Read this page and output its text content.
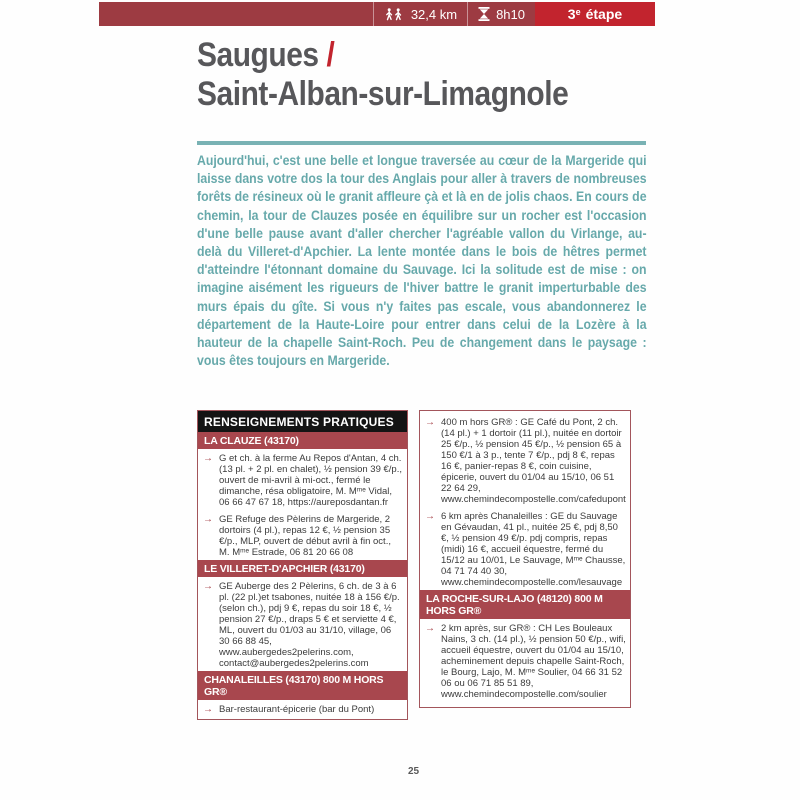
32,4 km	8h10	3 e étape
Saugues /
Saint-Alban-sur-Limagnole

Aujourd'hui, c'est une belle et longue traversée au cœur de la Margeride qui laisse dans votre dos la tour des Anglais pour aller à travers de nombreuses forêts de résineux où le granit affleure çà et là en de jolis chaos. En cours de chemin, la tour de Clauzes posée en équilibre sur un rocher est l'occasion d'une belle pause avant d'aller chercher l'agréable vallon du Virlange, au-delà du Villeret-d'Apchier. La lente montée dans le bois de hêtres permet d'atteindre l'étonnant domaine du Sauvage. Ici la solitude est de mise : on imagine aisément les rigueurs de l'hiver battre le granit imperturbable des murs épais du gîte. Si vous n'y faites pas escale, vous abandonnerez le département de la Haute-Loire pour entrer dans celui de la Lozère à la hauteur de la chapelle Saint-Roch. Peu de changement dans le paysage : vous êtes toujours en Margeride.

RENSEIGNEMENTS PRATIQUES
LA CLAUZE (43170)
→ G et ch. à la ferme Au Repos d'Antan, 4 ch. (13 pl. + 2 pl. en chalet), ½ pension 39 €/p., ouvert de mi-avril à mi-oct., fermé le dimanche, résa obligatoire, M. Mᵐᵉ Vidal, 06 66 47 67 18, https://aureposdantan.fr
→ GE Refuge des Pèlerins de Margeride, 2 dortoirs (4 pl.), repas 12 €, ½ pension 35 €/p., MLP, ouvert de début avril à fin oct., M. Mᵐᵉ Estrade, 06 81 20 66 08
LE VILLERET-D'APCHIER (43170)
→ GE Auberge des 2 Pèlerins, 6 ch. de 3 à 6 pl. (22 pl.)et tsabones, nuitée 18 à 156 €/p. (selon ch.), pdj 9 €, repas du soir 18 €, ½ pension 27 €/p., draps 5 € et serviette 4 €, ML, ouvert du 01/03 au 31/10, village, 06 30 66 88 45, www.aubergedes2pelerins.com, contact@aubergedes2pelerins.com
CHANALEILLES (43170) 800 M HORS GR®
→ Bar-restaurant-épicerie (bar du Pont)
→ 400 m hors GR® : GE Café du Pont, 2 ch. (14 pl.) + 1 dortoir (11 pl.), nuitée en dortoir 25 €/p., ½ pension 45 €/p., ½ pension 65 à 150 €/1 à 3 p., tente 7 €/p., pdj 8 €, repas 16 €, panier-repas 8 €, coin cuisine, épicerie, ouvert du 01/04 au 15/10, 06 51 22 64 29, www.chemindecompostelle.com/cafedupont
→ 6 km après Chanaleilles : GE du Sauvage en Gévaudan, 41 pl., nuitée 25 €, pdj 8,50 €, ½ pension 49 €/p. pdj compris, repas (midi) 16 €, accueil équestre, fermé du 15/12 au 10/01, Le Sauvage, Mᵐᵉ Chausse, 04 71 74 40 30, www.chemindecompostelle.com/lesauvage
LA ROCHE-SUR-LAJO (48120) 800 M HORS GR®
→ 2 km après, sur GR® : CH Les Bouleaux Nains, 3 ch. (14 pl.), ½ pension 50 €/p., wifi, accueil équestre, ouvert du 01/04 au 15/10, acheminement depuis chapelle Saint-Roch, le Bourg, Lajo, M. Mᵐᵉ Soulier, 04 66 31 52 06 ou 06 71 85 51 89, www.chemindecompostelle.com/soulier
25
